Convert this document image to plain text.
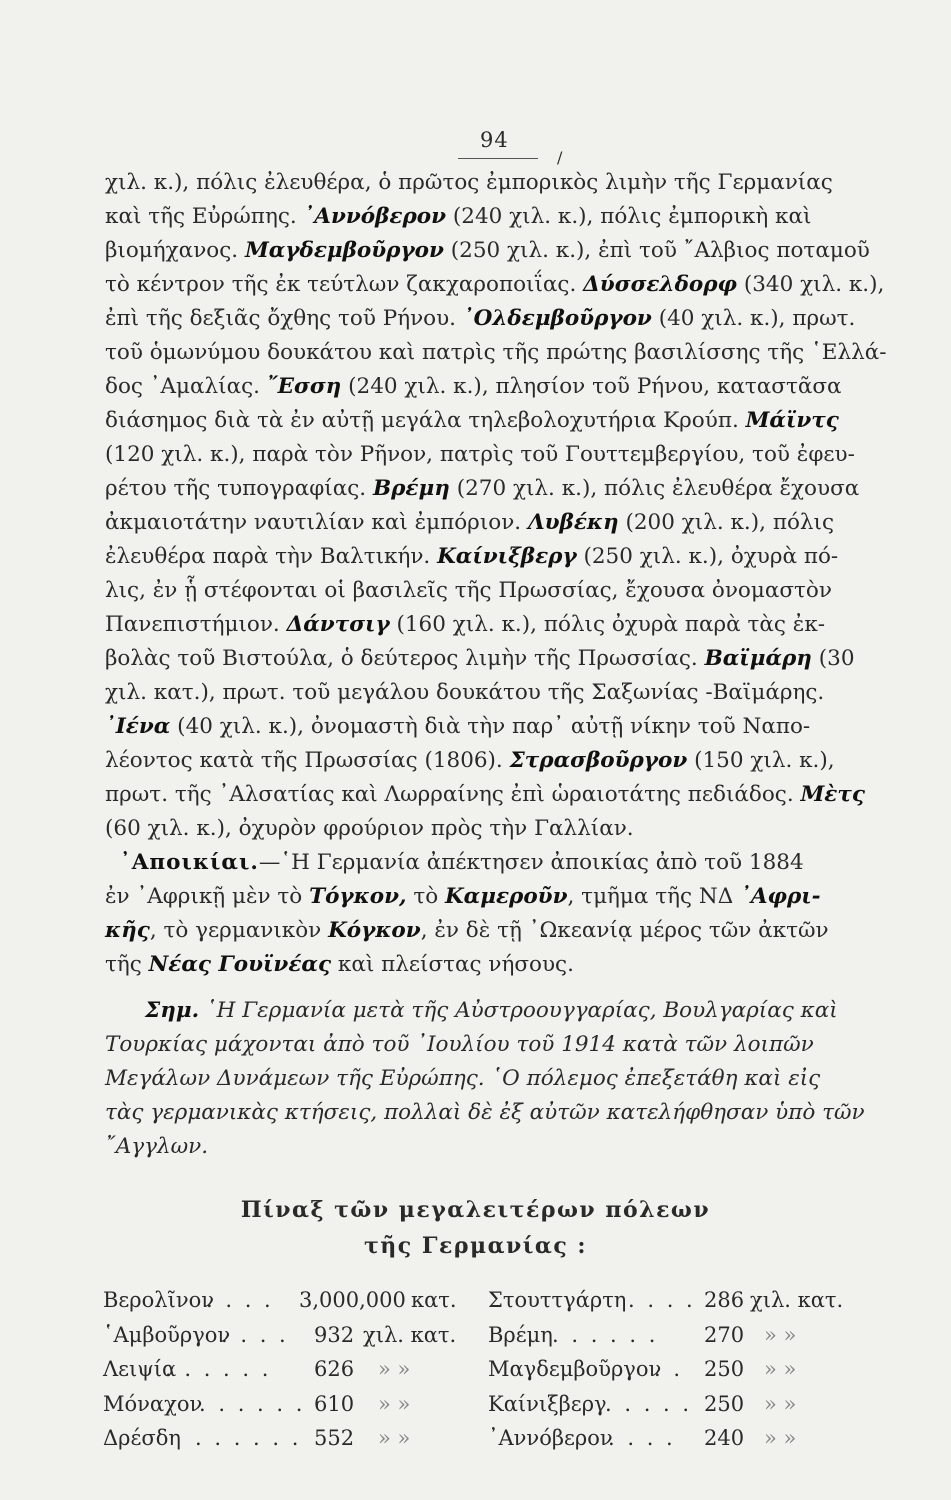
94
/
χιλ. κ.), πόλις ἐλευθέρα, ὁ πρῶτος ἐμπορικὸς λιμὴν τῆς Γερμανίας
καὶ τῆς Εὐρώπης. ᾿Αννόβερον (240 χιλ. κ.), πόλις ἐμπορικὴ καὶ
βιομήχανος. Μαγδεμβοῦργον (250 χιλ. κ.), ἐπὶ τοῦ ῎Αλβιος ποταμοῦ
τὸ κέντρον τῆς ἐκ τεύτλων ζακχαροποιΐας. Δύσσελδορφ (340 χιλ. κ.),
ἐπὶ τῆς δεξιᾶς ὄχθης τοῦ Ρήνου. ᾿Ολδεμβοῦργον (40 χιλ. κ.), πρωτ.
τοῦ ὁμωνύμου δουκάτου καὶ πατρὶς τῆς πρώτης βασιλίσσης τῆς ῾Ελλά-
δος ᾿Αμαλίας. ῎Εσση (240 χιλ. κ.), πλησίον τοῦ Ρήνου, καταστᾶσα
διάσημος διὰ τὰ ἐν αὐτῇ μεγάλα τηλεβολοχυτήρια Κρούπ. Μάϊντς
(120 χιλ. κ.), παρὰ τὸν Ρῆνον, πατρὶς τοῦ Γουττεμβεργίου, τοῦ ἐφευ-
ρέτου τῆς τυπογραφίας. Βρέμη (270 χιλ. κ.), πόλις ἐλευθέρα ἔχουσα
ἀκμαιοτάτην ναυτιλίαν καὶ ἐμπόριον. Λυβέκη (200 χιλ. κ.), πόλις
ἐλευθέρα παρὰ τὴν Βαλτικήν. Καίνιξβεργ (250 χιλ. κ.), ὀχυρὰ πό-
λις, ἐν ᾗ στέφονται οἱ βασιλεῖς τῆς Πρωσσίας, ἔχουσα ὀνομαστὸν
Πανεπιστήμιον. Δάντσιγ (160 χιλ. κ.), πόλις ὀχυρὰ παρὰ τὰς ἐκ-
βολὰς τοῦ Βιστούλα, ὁ δεύτερος λιμὴν τῆς Πρωσσίας. Βαϊμάρη (30
χιλ. κατ.), πρωτ. τοῦ μεγάλου δουκάτου τῆς Σαξωνίας -Βαϊμάρης.
᾿Ιένα (40 χιλ. κ.), ὀνομαστὴ διὰ τὴν παρ᾿ αὐτῇ νίκην τοῦ Ναπο-
λέοντος κατὰ τῆς Πρωσσίας (1806). Στρασβοῦργον (150 χιλ. κ.),
πρωτ. τῆς ᾿Αλσατίας καὶ Λωρραίνης ἐπὶ ὡραιοτάτης πεδιάδος. Μὲτς
(60 χιλ. κ.), ὀχυρὸν φρούριον πρὸς τὴν Γαλλίαν.
᾿Αποικίαι.—῾Η Γερμανία ἀπέκτησεν ἀποικίας ἀπὸ τοῦ 1884
ἐν ᾿Αφρικῇ μὲν τὸ Τόγκον, τὸ Καμεροῦν, τμῆμα τῆς ΝΔ ᾿Αφρι-
κῆς, τὸ γερμανικὸν Κόγκον, ἐν δὲ τῇ ᾿Ωκεανίᾳ μέρος τῶν ἀκτῶν
τῆς Νέας Γουϊνέας καὶ πλείστας νήσους.
Σημ. ῾Η Γερμανία μετὰ τῆς Αὐστροουγγαρίας, Βουλγαρίας καὶ
Τουρκίας μάχονται ἀπὸ τοῦ ᾿Ιουλίου τοῦ 1914 κατὰ τῶν λοιπῶν
Μεγάλων Δυνάμεων τῆς Εὐρώπης. ῾Ο πόλεμος ἐπεξετάθη καὶ εἰς
τὰς γερμανικὰς κτήσεις, πολλαὶ δὲ ἐξ αὐτῶν κατελήφθησαν ὑπὸ τῶν
῎Αγγλων.
Πίναξ τῶν μεγαλειτέρων πόλεων
τῆς Γερμανίας :
Βερολῖνον
. . . . 3,000,000 κατ.
῾Αμβοῦργον
. . . . 932 χιλ. κατ.
Λειψία
. . . . . . 626 » »
Μόναχον
. . . . . . 610 » »
Δρέσδη . . . . . . 552 » »
Στουττγάρτη . . . . 286 χιλ. κατ.
Βρέμη . . . . . . 270 » »
Μαγδεμβοῦργον
. . 250 » »
Καίνιξβεργ
. . . . . 250 » »
᾿Αννόβερον
. . . . 240 » »
